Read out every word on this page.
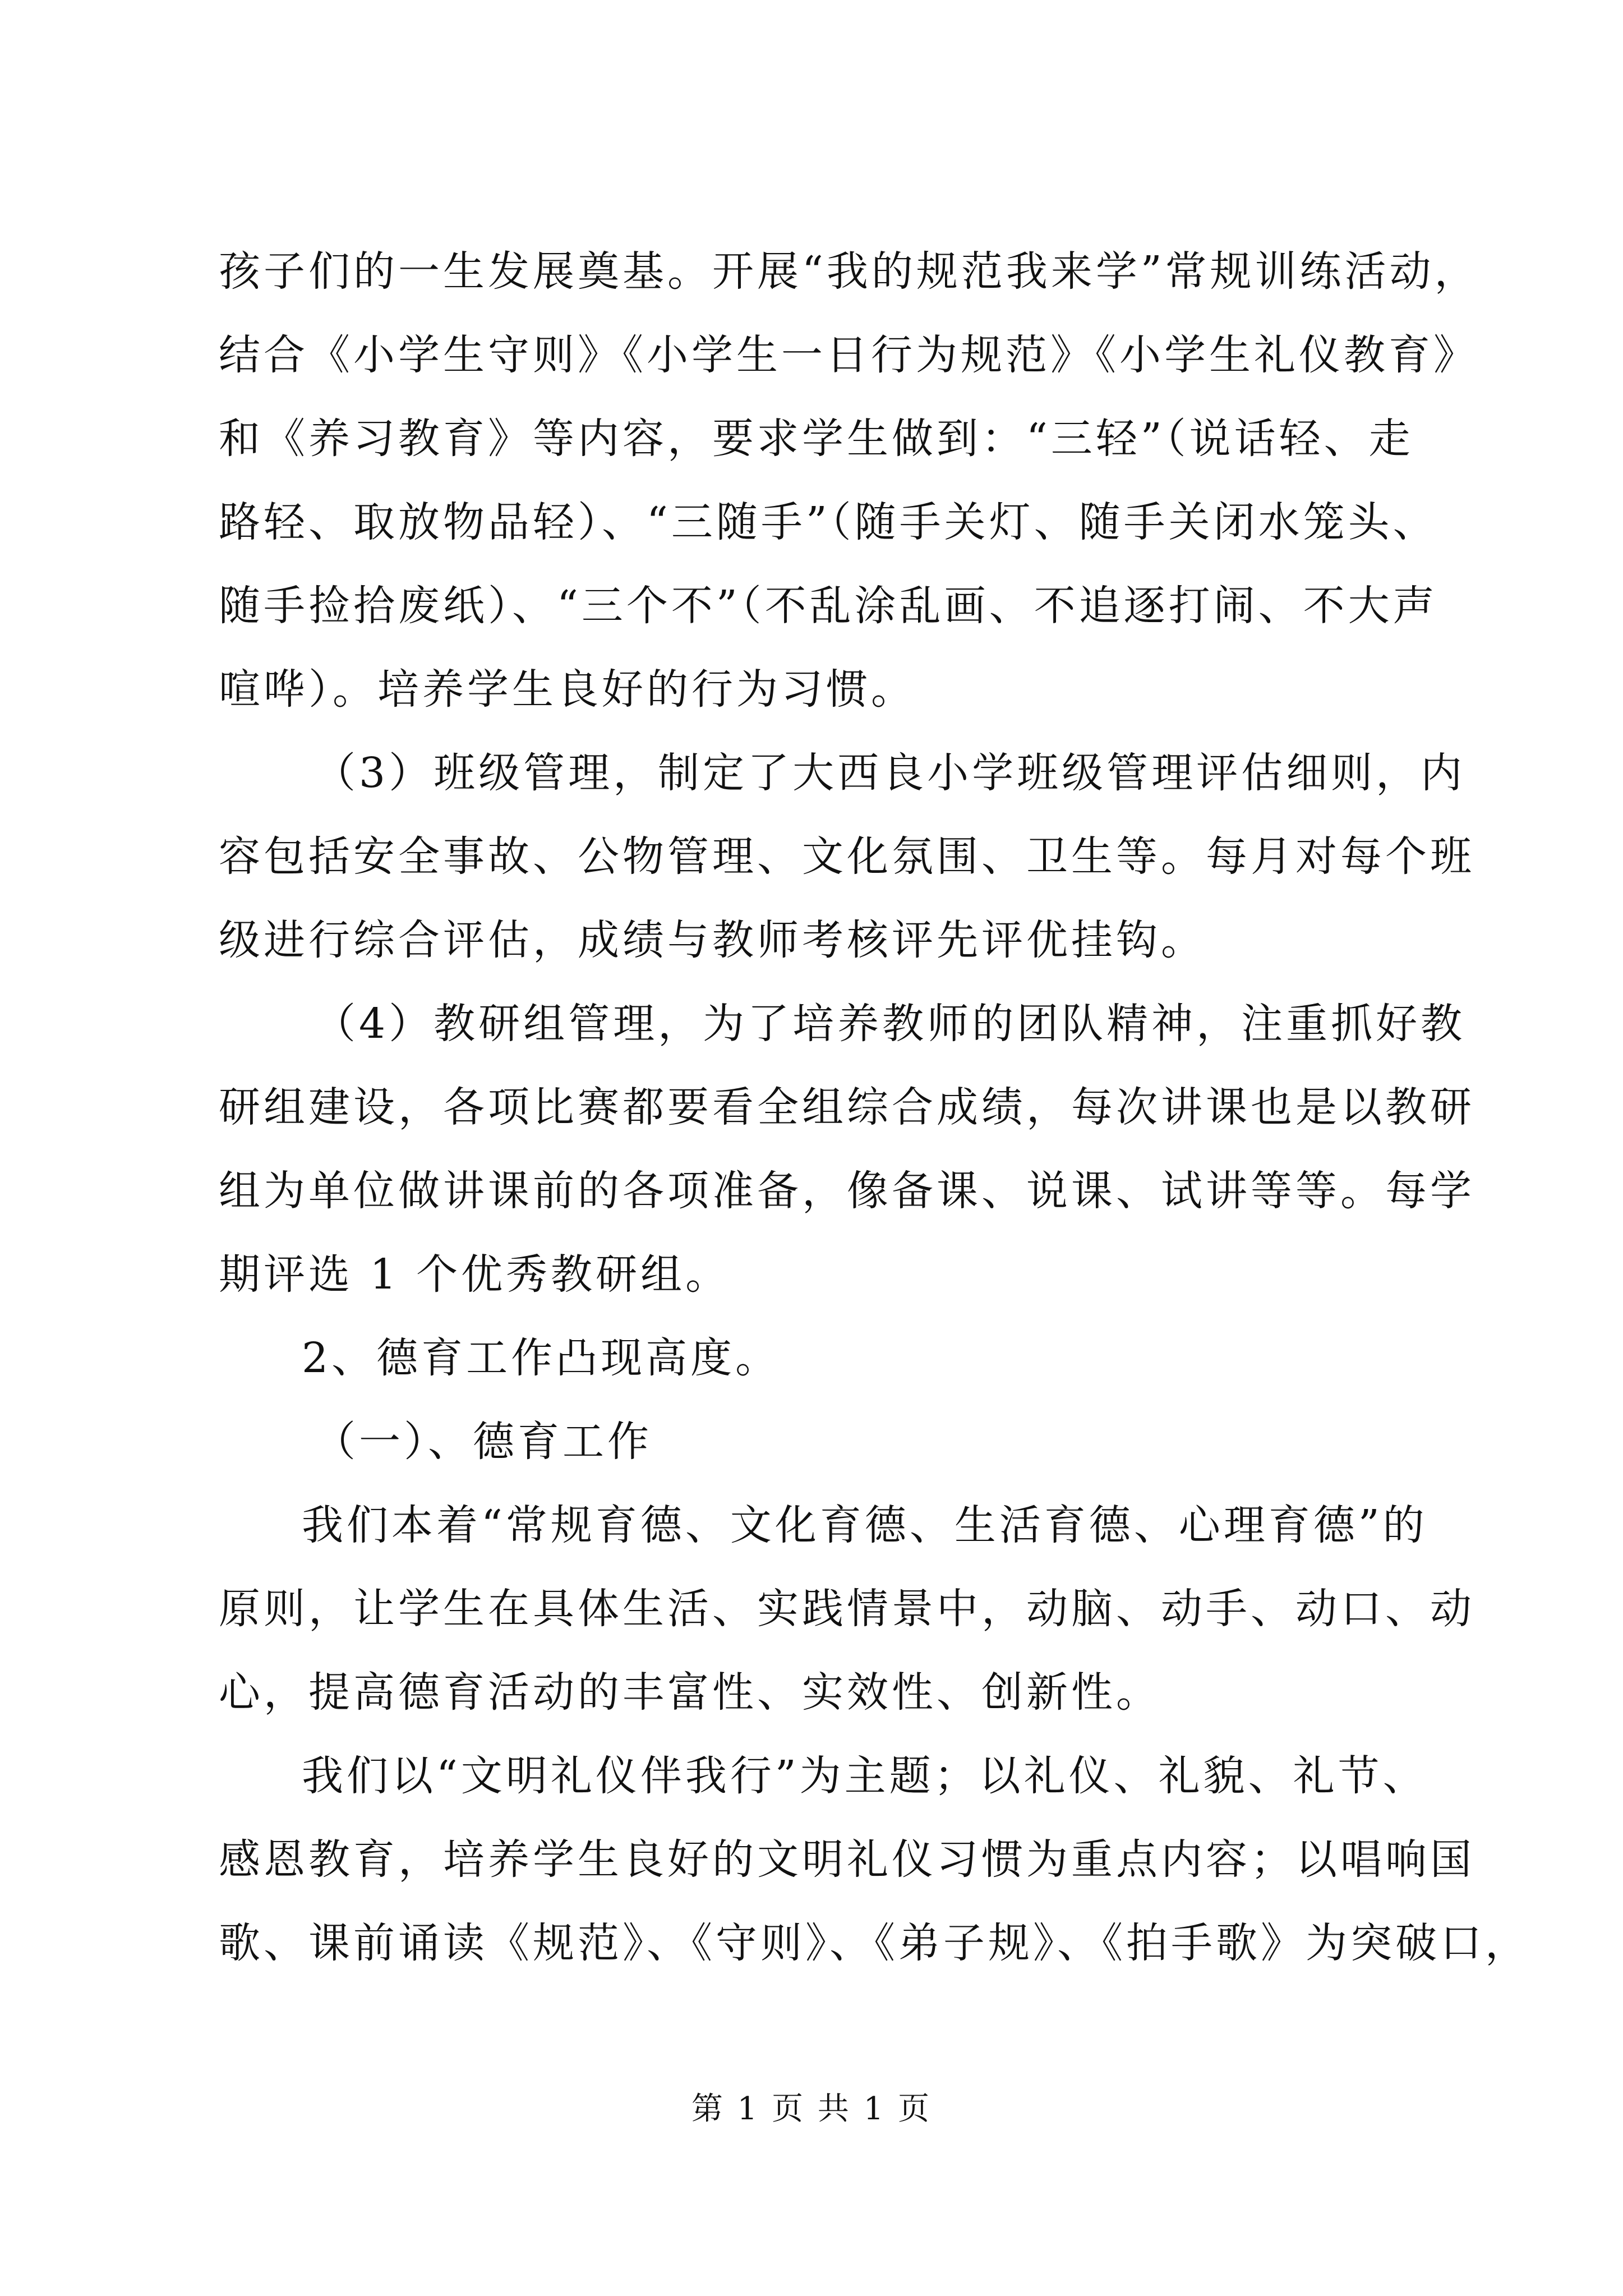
孩子们的一生发展奠基。开展“我的规范我来学”常规训练活动，
结合《小学生守则》《小学生一日行为规范》《小学生礼仪教育》
和《养习教育》等内容，要求学生做到：“三轻”（说话轻、走
路轻、取放物品轻）、“三随手”（随手关灯、随手关闭水笼头、
随手捡拾废纸）、“三个不”（不乱涂乱画、不追逐打闹、不大声
喧哗）。培养学生良好的行为习惯。
（3）班级管理，制定了大西良小学班级管理评估细则，内
容包括安全事故、公物管理、文化氛围、卫生等。每月对每个班
级进行综合评估，成绩与教师考核评先评优挂钩。
（4）教研组管理，为了培养教师的团队精神，注重抓好教
研组建设，各项比赛都要看全组综合成绩，每次讲课也是以教研
组为单位做讲课前的各项准备，像备课、说课、试讲等等。每学
期评选 1 个优秀教研组。
2、德育工作凸现高度。
（一）、德育工作
我们本着“常规育德、文化育德、生活育德、心理育德”的
原则，让学生在具体生活、实践情景中，动脑、动手、动口、动
心，提高德育活动的丰富性、实效性、创新性。
我们以“文明礼仪伴我行”为主题；以礼仪、礼貌、礼节、
感恩教育，培养学生良好的文明礼仪习惯为重点内容；以唱响国
歌、课前诵读《规范》、《守则》、《弟子规》、《拍手歌》为突破口，
第 1 页 共 1 页
